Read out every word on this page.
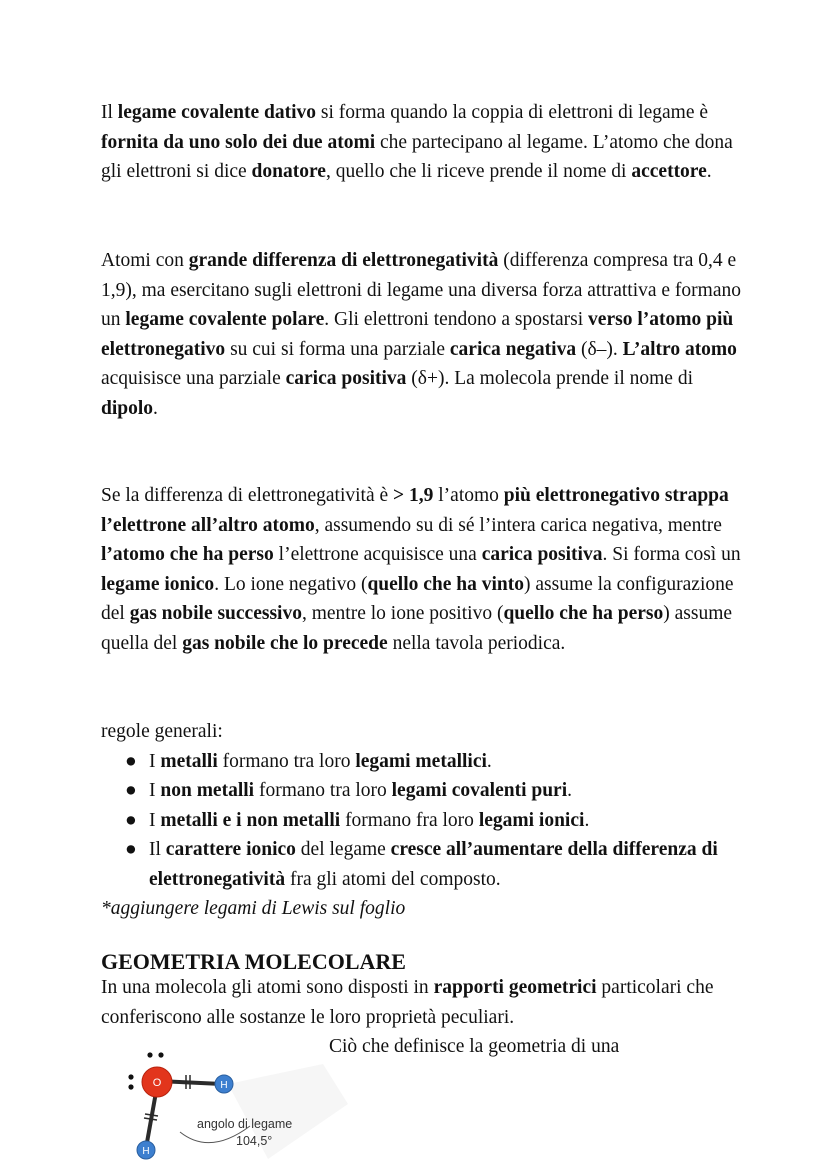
Il legame covalente dativo si forma quando la coppia di elettroni di legame è fornita da uno solo dei due atomi che partecipano al legame. L’atomo che dona gli elettroni si dice donatore, quello che li riceve prende il nome di accettore.

Atomi con grande differenza di elettronegatività (differenza compresa tra 0,4 e 1,9), ma esercitano sugli elettroni di legame una diversa forza attrattiva e formano un legame covalente polare. Gli elettroni tendono a spostarsi verso l’atomo più elettronegativo su cui si forma una parziale carica negativa (δ–). L’altro atomo acquisisce una parziale carica positiva (δ+). La molecola prende il nome di dipolo.

Se la differenza di elettronegatività è > 1,9 l’atomo più elettronegativo strappa l’elettrone all’altro atomo, assumendo su di sé l’intera carica negativa, mentre l’atomo che ha perso l’elettrone acquisisce una carica positiva. Si forma così un legame ionico. Lo ione negativo (quello che ha vinto) assume la configurazione del gas nobile successivo, mentre lo ione positivo (quello che ha perso) assume quella del gas nobile che lo precede nella tavola periodica.

regole generali:

● I metalli formano tra loro legami metallici.
● I non metalli formano tra loro legami covalenti puri.
● I metalli e i non metalli formano fra loro legami ionici.
● Il carattere ionico del legame cresce all’aumentare della differenza di elettronegatività fra gli atomi del composto.

*aggiungere legami di Lewis sul foglio

GEOMETRIA MOLECOLARE

In una molecola gli atomi sono disposti in rapporti geometrici particolari che conferiscono alle sostanze le loro proprietà peculiari.

Ciò che definisce la geometria di una
O	H
H
angolo di legame
104,5°
